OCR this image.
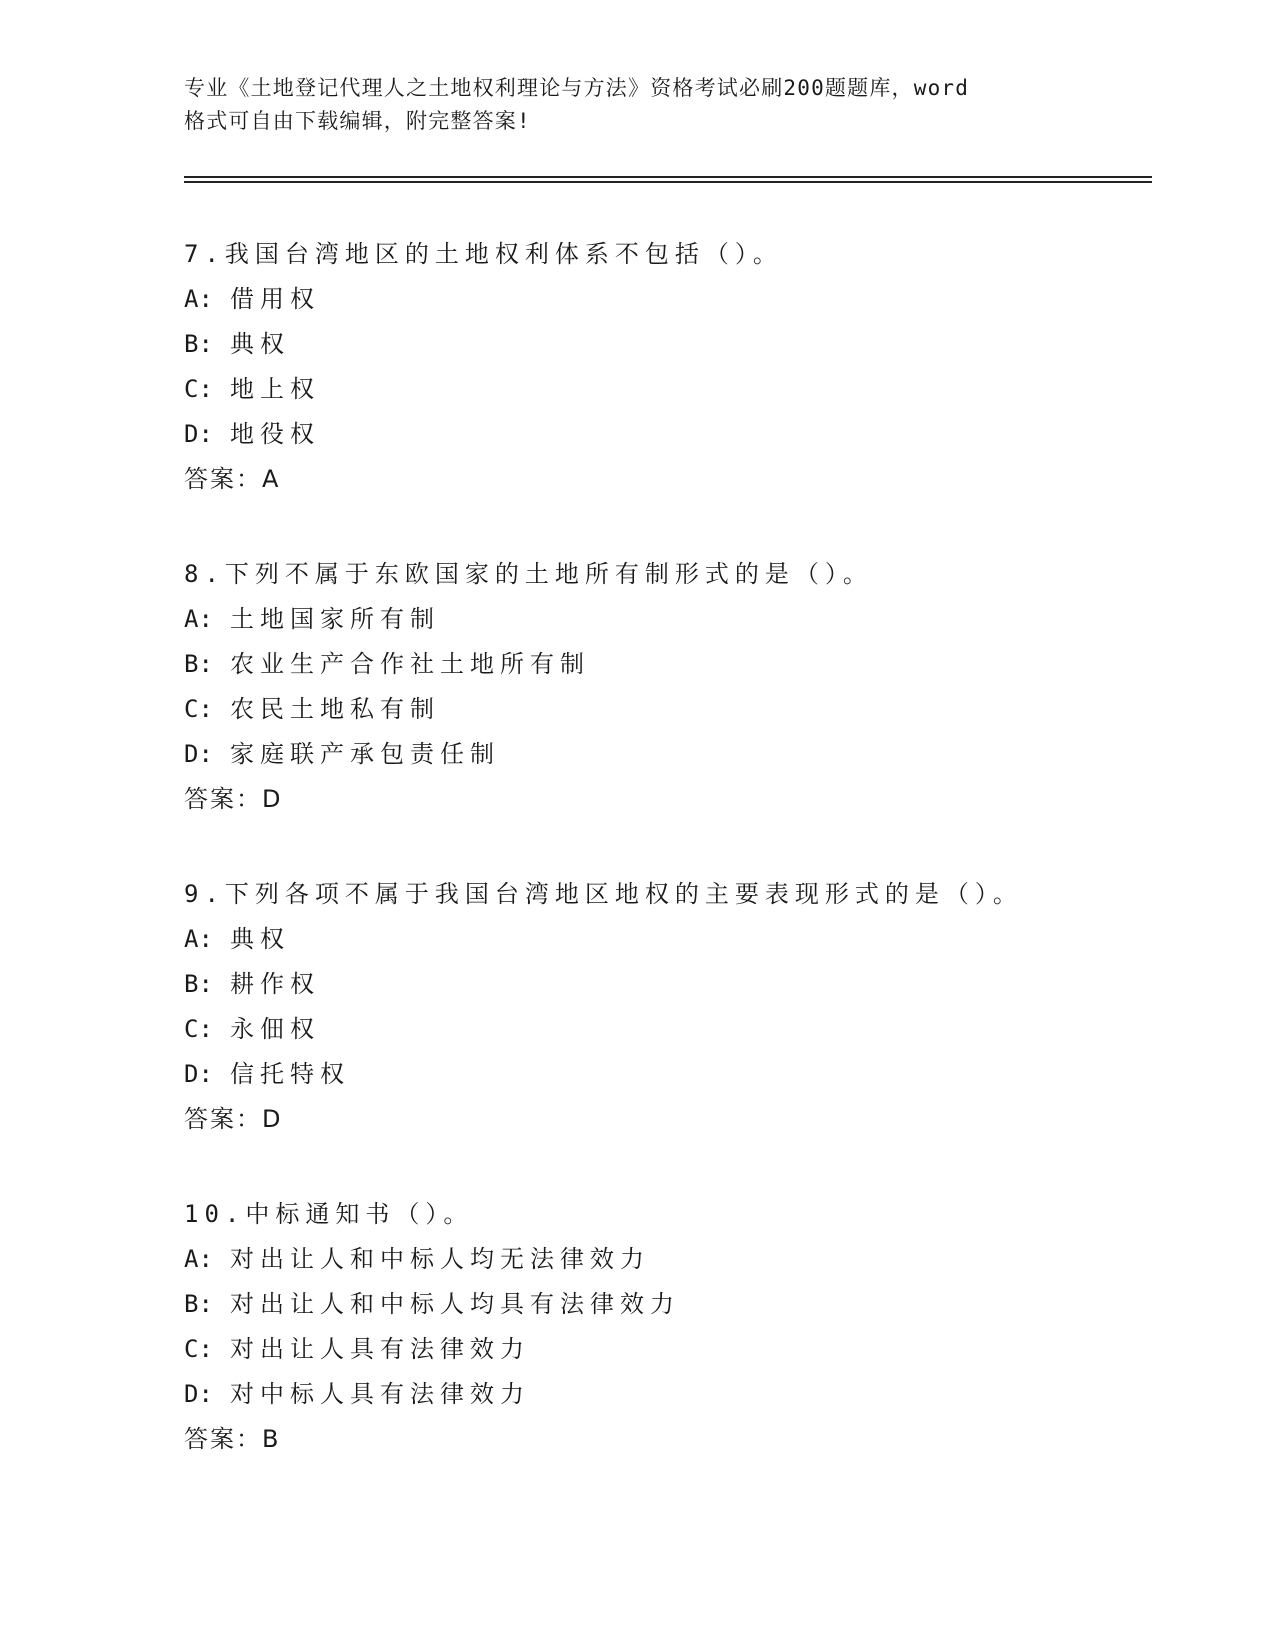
专业《土地登记代理人之土地权利理论与方法》资格考试必刷200题题库，word

格式可自由下载编辑，附完整答案!

7.我国台湾地区的土地权利体系不包括（）。
A: 借用权
B: 典权
C: 地上权
D: 地役权
答案：A
8.下列不属于东欧国家的土地所有制形式的是（）。
A: 土地国家所有制
B: 农业生产合作社土地所有制
C: 农民土地私有制
D: 家庭联产承包责任制
答案：D
9.下列各项不属于我国台湾地区地权的主要表现形式的是（）。
A: 典权
B: 耕作权
C: 永佃权
D: 信托特权
答案：D
10.中标通知书（）。
A: 对出让人和中标人均无法律效力
B: 对出让人和中标人均具有法律效力
C: 对出让人具有法律效力
D: 对中标人具有法律效力
答案：B
